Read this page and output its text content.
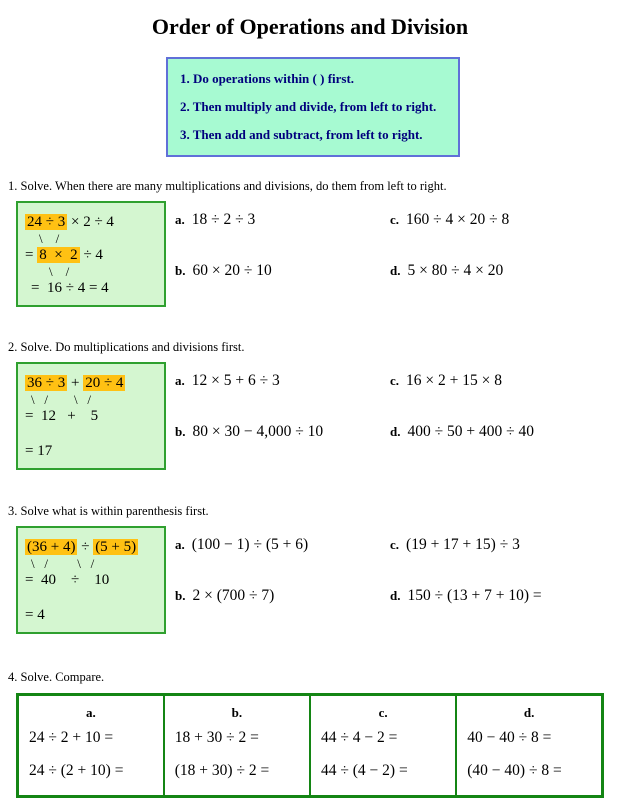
Order of Operations and Division

1. Do operations within ( ) first.

2. Then multiply and divide, from left to right.

3. Then add and subtract, from left to right.

1. Solve. When there are many multiplications and divisions, do them from left to right.

24 ÷ 3 × 2 ÷ 4
\    /
= 8  ×  2 ÷ 4
\    /
=  16 ÷ 4 = 4
a. 18 ÷ 2 ÷ 3
b. 60 × 20 ÷ 10
c. 160 ÷ 4 × 20 ÷ 8
d. 5 × 80 ÷ 4 × 20

2. Solve. Do multiplications and divisions first.

36 ÷ 3 + 20 ÷ 4
\   /        \   /
=  12   +    5
= 17
a. 12 × 5 + 6 ÷ 3
b. 80 × 30 − 4,000 ÷ 10
c. 16 × 2 + 15 × 8
d. 400 ÷ 50 + 400 ÷ 40

3. Solve what is within parenthesis first.

(36 + 4) ÷ (5 + 5)
\   /         \   /
=  40    ÷    10
= 4
a. (100 − 1) ÷ (5 + 6)
b. 2 × (700 ÷ 7)
c. (19 + 17 + 15) ÷ 3
d. 150 ÷ (13 + 7 + 10) =

4. Solve. Compare.

a.	b.	c.	d.
24 ÷ 2 + 10 =	18 + 30 ÷ 2 =	44 ÷ 4 − 2 =	40 − 40 ÷ 8 =
24 ÷ (2 + 10) =	(18 + 30) ÷ 2 =	44 ÷ (4 − 2) =	(40 − 40) ÷ 8 =
